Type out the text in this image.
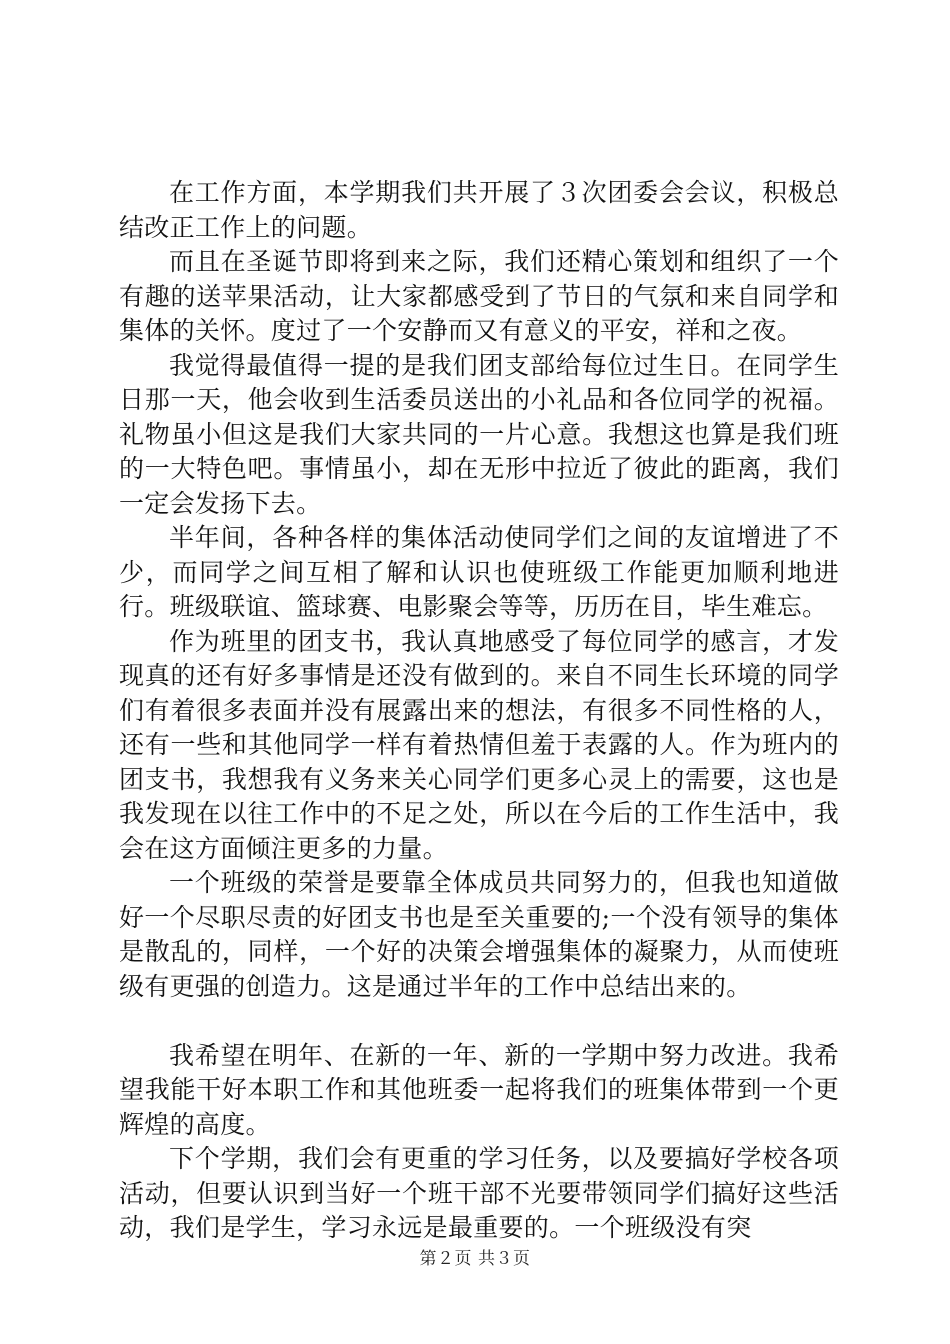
在工作方面，本学期我们共开展了３次团委会会议，积极总结改正工作上的问题。

而且在圣诞节即将到来之际，我们还精心策划和组织了一个有趣的送苹果活动，让大家都感受到了节日的气氛和来自同学和集体的关怀。度过了一个安静而又有意义的平安，祥和之夜。

我觉得最值得一提的是我们团支部给每位过生日。在同学生日那一天，他会收到生活委员送出的小礼品和各位同学的祝福。礼物虽小但这是我们大家共同的一片心意。我想这也算是我们班的一大特色吧。事情虽小，却在无形中拉近了彼此的距离，我们一定会发扬下去。

半年间，各种各样的集体活动使同学们之间的友谊增进了不少，而同学之间互相了解和认识也使班级工作能更加顺利地进行。班级联谊、篮球赛、电影聚会等等，历历在目，毕生难忘。

作为班里的团支书，我认真地感受了每位同学的感言，才发现真的还有好多事情是还没有做到的。来自不同生长环境的同学们有着很多表面并没有展露出来的想法，有很多不同性格的人，还有一些和其他同学一样有着热情但羞于表露的人。作为班内的团支书，我想我有义务来关心同学们更多心灵上的需要，这也是我发现在以往工作中的不足之处，所以在今后的工作生活中，我会在这方面倾注更多的力量。

一个班级的荣誉是要靠全体成员共同努力的，但我也知道做好一个尽职尽责的好团支书也是至关重要的;一个没有领导的集体是散乱的，同样，一个好的决策会增强集体的凝聚力，从而使班级有更强的创造力。这是通过半年的工作中总结出来的。

我希望在明年、在新的一年、新的一学期中努力改进。我希望我能干好本职工作和其他班委一起将我们的班集体带到一个更辉煌的高度。

下个学期，我们会有更重的学习任务，以及要搞好学校各项活动，但要认识到当好一个班干部不光要带领同学们搞好这些活动，我们是学生，学习永远是最重要的。一个班级没有突

第２页 共３页
